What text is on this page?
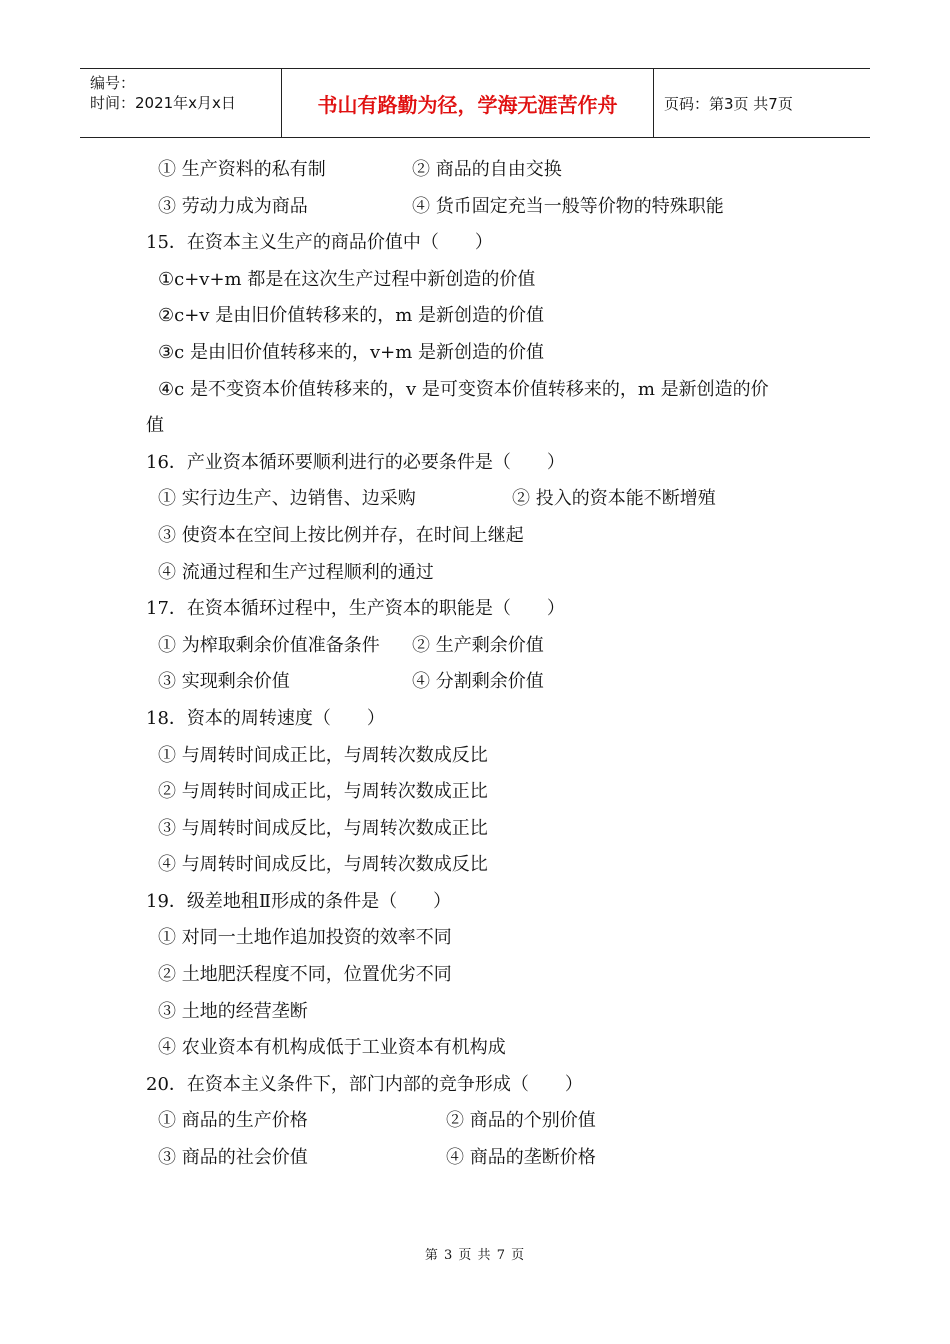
编号：
时间：2021年x月x日	书山有路勤为径，学海无涯苦作舟	页码：第3页 共7页
① 生产资料的私有制	② 商品的自由交换
③ 劳动力成为商品	④ 货币固定充当一般等价物的特殊职能
15．在资本主义生产的商品价值中（　　）
①c+v+m 都是在这次生产过程中新创造的价值
②c+v 是由旧价值转移来的，m 是新创造的价值
③c 是由旧价值转移来的，v+m 是新创造的价值
④c 是不变资本价值转移来的，v 是可变资本价值转移来的，m 是新创造的价
值
16．产业资本循环要顺利进行的必要条件是（　　）
① 实行边生产、边销售、边采购	② 投入的资本能不断增殖
③ 使资本在空间上按比例并存，在时间上继起
④ 流通过程和生产过程顺利的通过
17．在资本循环过程中，生产资本的职能是（　　）
① 为榨取剩余价值准备条件 ② 生产剩余价值
③ 实现剩余价值	④ 分割剩余价值
18．资本的周转速度（　　）
① 与周转时间成正比，与周转次数成反比
② 与周转时间成正比，与周转次数成正比
③ 与周转时间成反比，与周转次数成正比
④ 与周转时间成反比，与周转次数成反比
19．级差地租Ⅱ形成的条件是（　　）
① 对同一土地作追加投资的效率不同
② 土地肥沃程度不同，位置优劣不同
③ 土地的经营垄断
④ 农业资本有机构成低于工业资本有机构成
20．在资本主义条件下，部门内部的竞争形成（　　）
① 商品的生产价格	② 商品的个别价值
③ 商品的社会价值	④ 商品的垄断价格
第 3 页 共 7 页
